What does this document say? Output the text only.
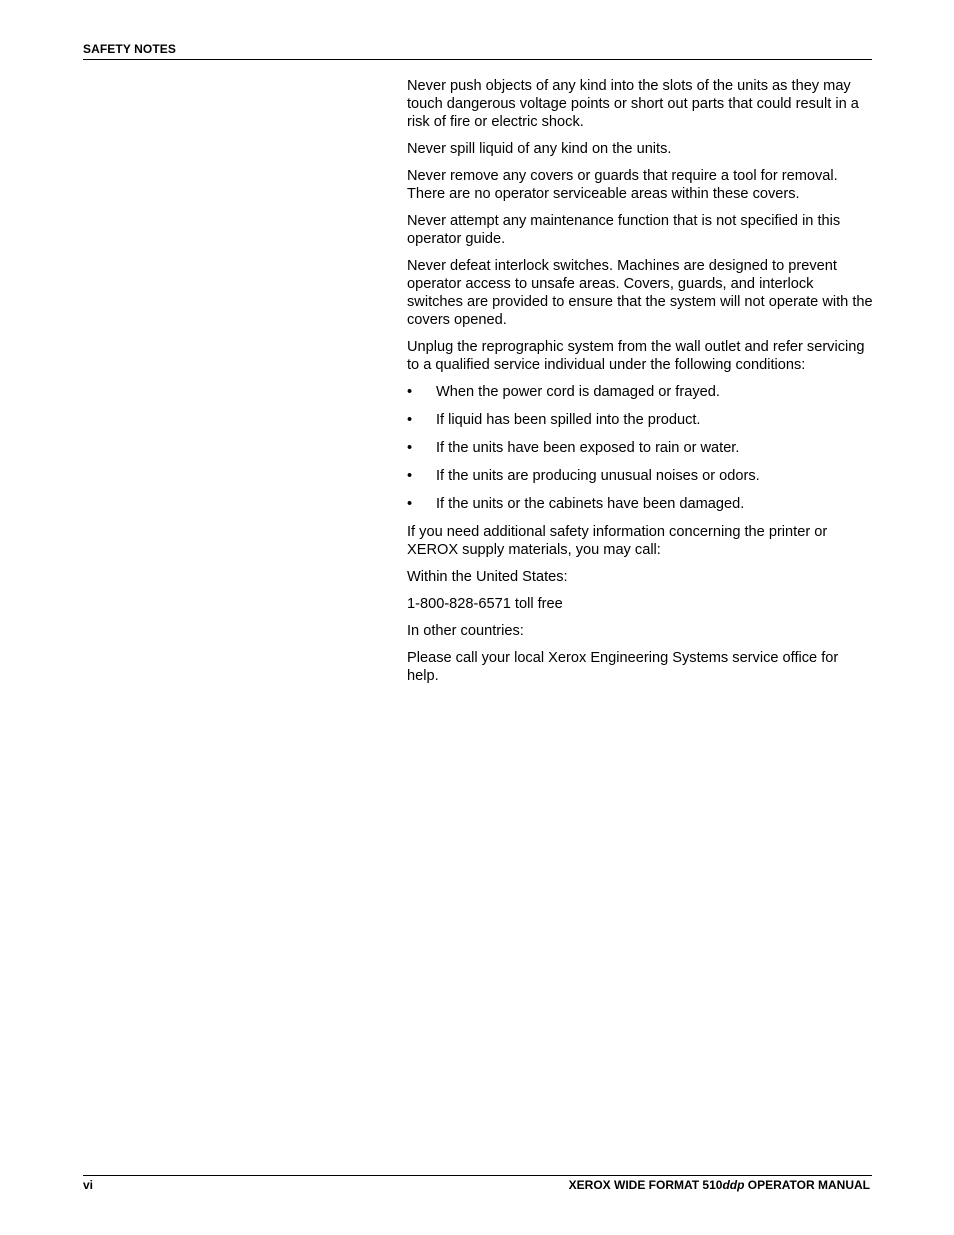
SAFETY NOTES

Never push objects of any kind into the slots of the units as they may touch dangerous voltage points or short out parts that could result in a risk of fire or electric shock.

Never spill liquid of any kind on the units.

Never remove any covers or guards that require a tool for removal. There are no operator serviceable areas within these covers.

Never attempt any maintenance function that is not specified in this operator guide.

Never defeat interlock switches. Machines are designed to prevent operator access to unsafe areas. Covers, guards, and interlock switches are provided to ensure that the system will not operate with the covers opened.

Unplug the reprographic system from the wall outlet and refer servicing to a qualified service individual under the following conditions:

• When the power cord is damaged or frayed.
• If liquid has been spilled into the product.
• If the units have been exposed to rain or water.
• If the units are producing unusual noises or odors.
• If the units or the cabinets have been damaged.

If you need additional safety information concerning the printer or XEROX supply materials, you may call:

Within the United States:

1-800-828-6571 toll free

In other countries:

Please call your local Xerox Engineering Systems service office for help.

vi	XEROX WIDE FORMAT 510ddp OPERATOR MANUAL
